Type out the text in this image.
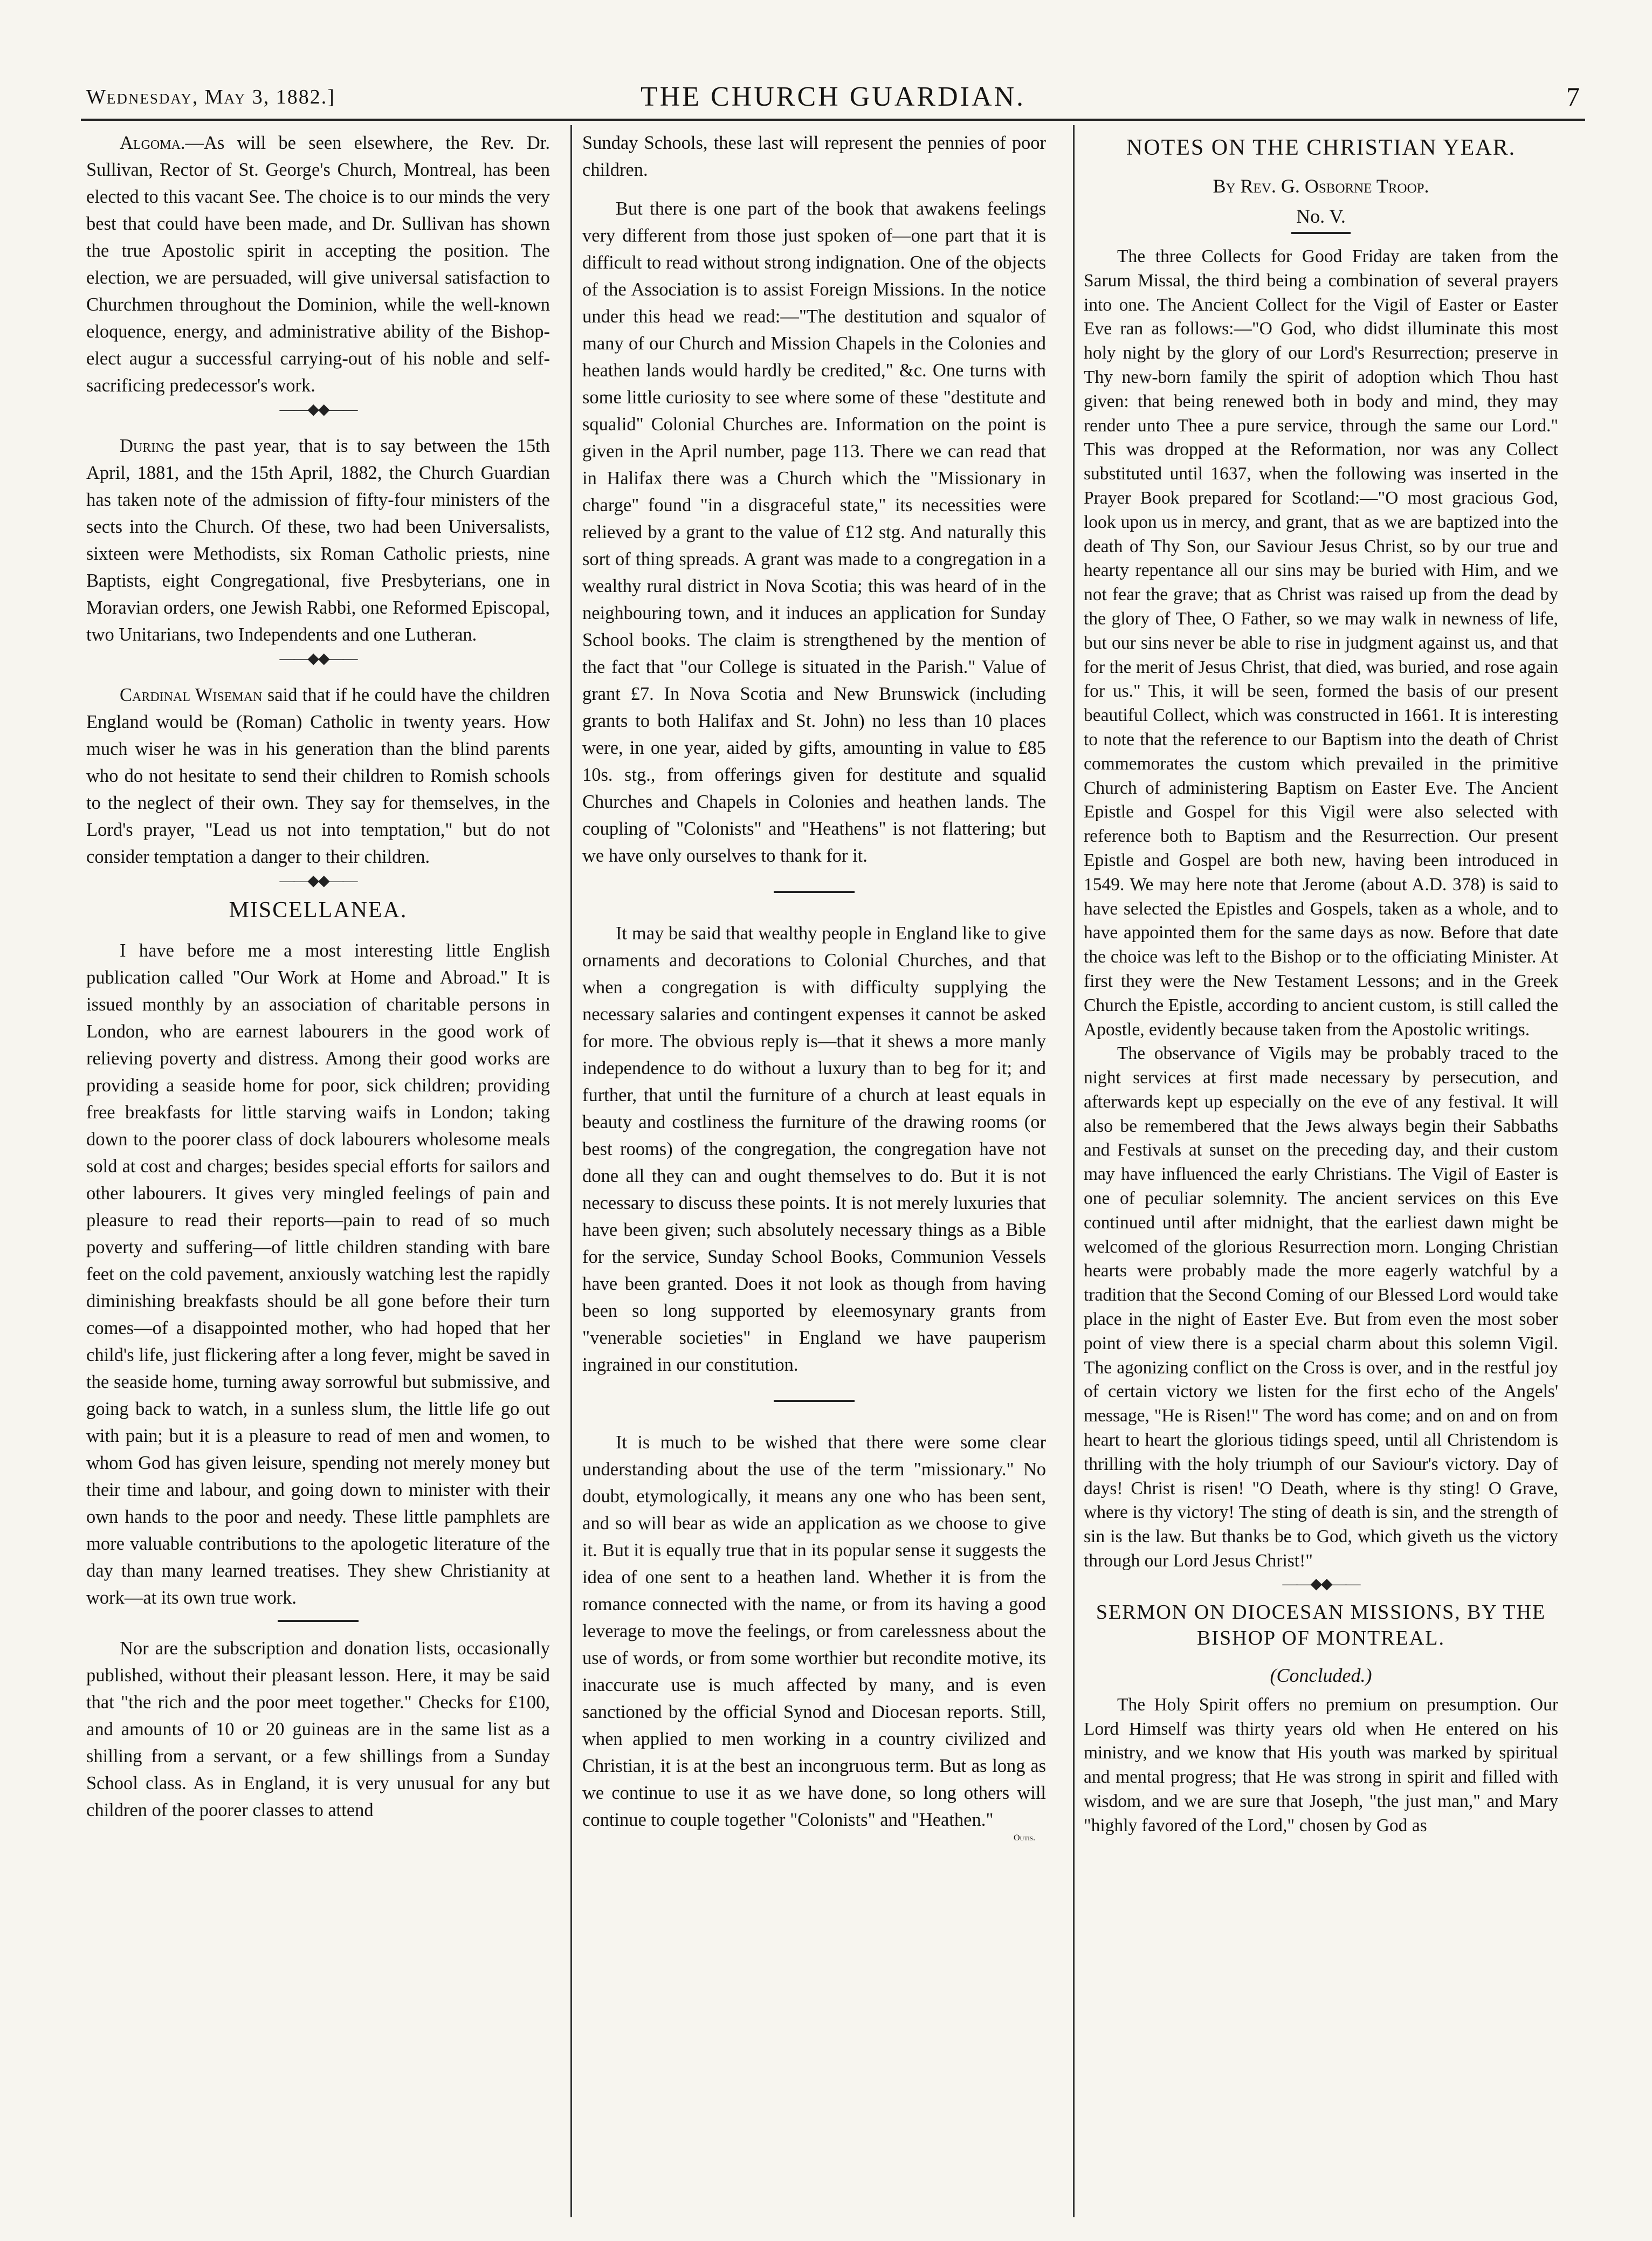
Wednesday, May 3, 1882.]	THE CHURCH GUARDIAN.	7

Algoma.—As will be seen elsewhere, the Rev. Dr. Sullivan, Rector of St. George's Church, Montreal, has been elected to this vacant See. The choice is to our minds the very best that could have been made, and Dr. Sullivan has shown the true Apostolic spirit in accepting the position. The election, we are persuaded, will give universal satisfaction to Churchmen throughout the Dominion, while the well-known eloquence, energy, and administrative ability of the Bishop-elect augur a successful carrying-out of his noble and self-sacrificing predecessor's work.

——◆◆——

During the past year, that is to say between the 15th April, 1881, and the 15th April, 1882, the Church Guardian has taken note of the admission of fifty-four ministers of the sects into the Church. Of these, two had been Universalists, sixteen were Methodists, six Roman Catholic priests, nine Baptists, eight Congregational, five Presbyterians, one in Moravian orders, one Jewish Rabbi, one Reformed Episcopal, two Unitarians, two Independents and one Lutheran.

——◆◆——

Cardinal Wiseman said that if he could have the children England would be (Roman) Catholic in twenty years. How much wiser he was in his generation than the blind parents who do not hesitate to send their children to Romish schools to the neglect of their own. They say for themselves, in the Lord's prayer, "Lead us not into temptation," but do not consider temptation a danger to their children.

——◆◆——
MISCELLANEA.

I have before me a most interesting little English publication called "Our Work at Home and Abroad." It is issued monthly by an association of charitable persons in London, who are earnest labourers in the good work of relieving poverty and distress. Among their good works are providing a seaside home for poor, sick children; providing free breakfasts for little starving waifs in London; taking down to the poorer class of dock labourers wholesome meals sold at cost and charges; besides special efforts for sailors and other labourers. It gives very mingled feelings of pain and pleasure to read their reports—pain to read of so much poverty and suffering—of little children standing with bare feet on the cold pavement, anxiously watching lest the rapidly diminishing breakfasts should be all gone before their turn comes—of a disappointed mother, who had hoped that her child's life, just flickering after a long fever, might be saved in the seaside home, turning away sorrowful but submissive, and going back to watch, in a sunless slum, the little life go out with pain; but it is a pleasure to read of men and women, to whom God has given leisure, spending not merely money but their time and labour, and going down to minister with their own hands to the poor and needy. These little pamphlets are more valuable contributions to the apologetic literature of the day than many learned treatises. They shew Christianity at work—at its own true work.

Nor are the subscription and donation lists, occasionally published, without their pleasant lesson. Here, it may be said that "the rich and the poor meet together." Checks for £100, and amounts of 10 or 20 guineas are in the same list as a shilling from a servant, or a few shillings from a Sunday School class. As in England, it is very unusual for any but children of the poorer classes to attend

Sunday Schools, these last will represent the pennies of poor children.

But there is one part of the book that awakens feelings very different from those just spoken of—one part that it is difficult to read without strong indignation. One of the objects of the Association is to assist Foreign Missions. In the notice under this head we read:—"The destitution and squalor of many of our Church and Mission Chapels in the Colonies and heathen lands would hardly be credited," &c. One turns with some little curiosity to see where some of these "destitute and squalid" Colonial Churches are. Information on the point is given in the April number, page 113. There we can read that in Halifax there was a Church which the "Missionary in charge" found "in a disgraceful state," its necessities were relieved by a grant to the value of £12 stg. And naturally this sort of thing spreads. A grant was made to a congregation in a wealthy rural district in Nova Scotia; this was heard of in the neighbouring town, and it induces an application for Sunday School books. The claim is strengthened by the mention of the fact that "our College is situated in the Parish." Value of grant £7. In Nova Scotia and New Brunswick (including grants to both Halifax and St. John) no less than 10 places were, in one year, aided by gifts, amounting in value to £85 10s. stg., from offerings given for destitute and squalid Churches and Chapels in Colonies and heathen lands. The coupling of "Colonists" and "Heathens" is not flattering; but we have only ourselves to thank for it.

It may be said that wealthy people in England like to give ornaments and decorations to Colonial Churches, and that when a congregation is with difficulty supplying the necessary salaries and contingent expenses it cannot be asked for more. The obvious reply is—that it shews a more manly independence to do without a luxury than to beg for it; and further, that until the furniture of a church at least equals in beauty and costliness the furniture of the drawing rooms (or best rooms) of the congregation, the congregation have not done all they can and ought themselves to do. But it is not necessary to discuss these points. It is not merely luxuries that have been given; such absolutely necessary things as a Bible for the service, Sunday School Books, Communion Vessels have been granted. Does it not look as though from having been so long supported by eleemosynary grants from "venerable societies" in England we have pauperism ingrained in our constitution.

It is much to be wished that there were some clear understanding about the use of the term "missionary." No doubt, etymologically, it means any one who has been sent, and so will bear as wide an application as we choose to give it. But it is equally true that in its popular sense it suggests the idea of one sent to a heathen land. Whether it is from the romance connected with the name, or from its having a good leverage to move the feelings, or from carelessness about the use of words, or from some worthier but recondite motive, its inaccurate use is much affected by many, and is even sanctioned by the official Synod and Diocesan reports. Still, when applied to men working in a country civilized and Christian, it is at the best an incongruous term. But as long as we continue to use it as we have done, so long others will continue to couple together "Colonists" and "Heathen."

Outis.
NOTES ON THE CHRISTIAN YEAR.
By Rev. G. Osborne Troop.
No. V.

The three Collects for Good Friday are taken from the Sarum Missal, the third being a combination of several prayers into one. The Ancient Collect for the Vigil of Easter or Easter Eve ran as follows:—"O God, who didst illuminate this most holy night by the glory of our Lord's Resurrection; preserve in Thy new-born family the spirit of adoption which Thou hast given: that being renewed both in body and mind, they may render unto Thee a pure service, through the same our Lord." This was dropped at the Reformation, nor was any Collect substituted until 1637, when the following was inserted in the Prayer Book prepared for Scotland:—"O most gracious God, look upon us in mercy, and grant, that as we are baptized into the death of Thy Son, our Saviour Jesus Christ, so by our true and hearty repentance all our sins may be buried with Him, and we not fear the grave; that as Christ was raised up from the dead by the glory of Thee, O Father, so we may walk in newness of life, but our sins never be able to rise in judgment against us, and that for the merit of Jesus Christ, that died, was buried, and rose again for us." This, it will be seen, formed the basis of our present beautiful Collect, which was constructed in 1661. It is interesting to note that the reference to our Baptism into the death of Christ commemorates the custom which prevailed in the primitive Church of administering Baptism on Easter Eve. The Ancient Epistle and Gospel for this Vigil were also selected with reference both to Baptism and the Resurrection. Our present Epistle and Gospel are both new, having been introduced in 1549. We may here note that Jerome (about A.D. 378) is said to have selected the Epistles and Gospels, taken as a whole, and to have appointed them for the same days as now. Before that date the choice was left to the Bishop or to the officiating Minister. At first they were the New Testament Lessons; and in the Greek Church the Epistle, according to ancient custom, is still called the Apostle, evidently because taken from the Apostolic writings.

The observance of Vigils may be probably traced to the night services at first made necessary by persecution, and afterwards kept up especially on the eve of any festival. It will also be remembered that the Jews always begin their Sabbaths and Festivals at sunset on the preceding day, and their custom may have influenced the early Christians. The Vigil of Easter is one of peculiar solemnity. The ancient services on this Eve continued until after midnight, that the earliest dawn might be welcomed of the glorious Resurrection morn. Longing Christian hearts were probably made the more eagerly watchful by a tradition that the Second Coming of our Blessed Lord would take place in the night of Easter Eve. But from even the most sober point of view there is a special charm about this solemn Vigil. The agonizing conflict on the Cross is over, and in the restful joy of certain victory we listen for the first echo of the Angels' message, "He is Risen!" The word has come; and on and on from heart to heart the glorious tidings speed, until all Christendom is thrilling with the holy triumph of our Saviour's victory. Day of days! Christ is risen! "O Death, where is thy sting! O Grave, where is thy victory! The sting of death is sin, and the strength of sin is the law. But thanks be to God, which giveth us the victory through our Lord Jesus Christ!"

——◆◆——
SERMON ON DIOCESAN MISSIONS, BY THE BISHOP OF MONTREAL.
(Concluded.)

The Holy Spirit offers no premium on presumption. Our Lord Himself was thirty years old when He entered on his ministry, and we know that His youth was marked by spiritual and mental progress; that He was strong in spirit and filled with wisdom, and we are sure that Joseph, "the just man," and Mary "highly favored of the Lord," chosen by God as
